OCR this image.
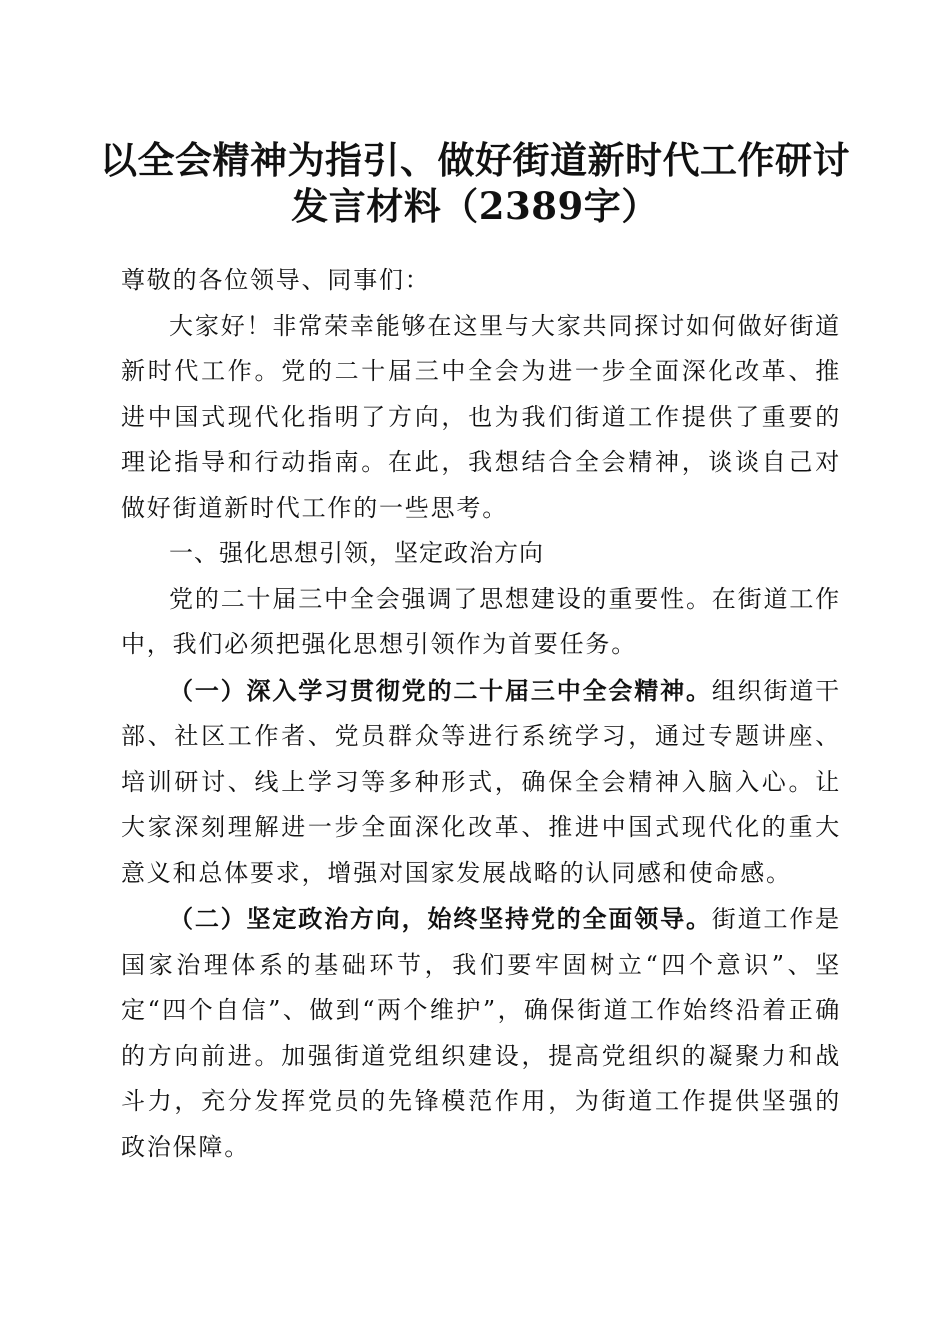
以全会精神为指引、做好街道新时代工作研讨
发言材料（2389字）

尊敬的各位领导、同事们：

大家好！非常荣幸能够在这里与大家共同探讨如何做好街道新时代工作。党的二十届三中全会为进一步全面深化改革、推进中国式现代化指明了方向，也为我们街道工作提供了重要的理论指导和行动指南。在此，我想结合全会精神，谈谈自己对做好街道新时代工作的一些思考。

一、强化思想引领，坚定政治方向

党的二十届三中全会强调了思想建设的重要性。在街道工作中，我们必须把强化思想引领作为首要任务。

（一）深入学习贯彻党的二十届三中全会精神。组织街道干部、社区工作者、党员群众等进行系统学习，通过专题讲座、培训研讨、线上学习等多种形式，确保全会精神入脑入心。让大家深刻理解进一步全面深化改革、推进中国式现代化的重大意义和总体要求，增强对国家发展战略的认同感和使命感。

（二）坚定政治方向，始终坚持党的全面领导。街道工作是国家治理体系的基础环节，我们要牢固树立“四个意识”、坚定“四个自信”、做到“两个维护”，确保街道工作始终沿着正确的方向前进。加强街道党组织建设，提高党组织的凝聚力和战斗力，充分发挥党员的先锋模范作用，为街道工作提供坚强的政治保障。
